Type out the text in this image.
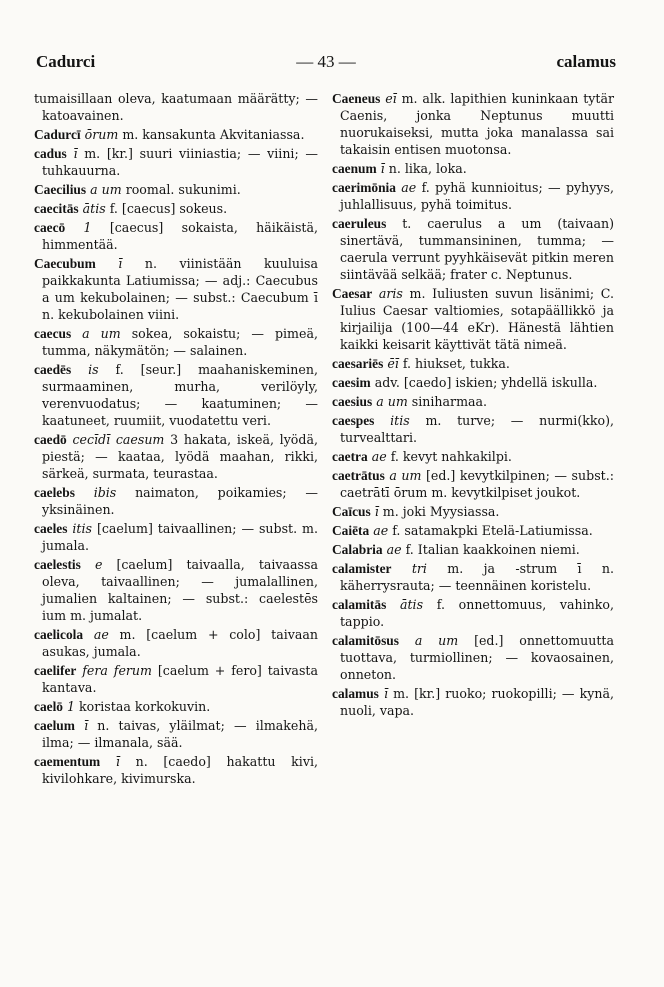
— 43 —
Cadurci	calamus
tumaisillaan oleva, kaatumaan määrätty; — katoavainen.
Cadurcī ōrum m. kansakunta Akvitaniassa.
cadus ī m. [kr.] suuri viiniastia; — viini; — tuhkauurna.
Caecilius a um roomal. sukunimi.
caecitās ātis f. [caecus] sokeus.
caecō 1 [caecus] sokaista, häikäistä, himmentää.
Caecubum ī n. viinistään kuuluisa paikkakunta Latiumissa; — adj.: Caecubus a um kekubolainen; — subst.: Caecubum ī n. kekubolainen viini.
caecus a um sokea, sokaistu; — pimeä, tumma, näkymätön; — salainen.
caedēs is f. [seur.] maahaniskeminen, surmaaminen, murha, verilöyly, verenvuodatus; — kaatuminen; — kaatuneet, ruumiit, vuodatettu veri.
caedō cecīdī caesum 3 hakata, iskeä, lyödä, piestä; — kaataa, lyödä maahan, rikki, särkeä, surmata, teurastaa.
caelebs ibis naimaton, poikamies; — yksinäinen.
caeles itis [caelum] taivaallinen; — subst. m. jumala.
caelestis e [caelum] taivaalla, taivaassa oleva, taivaallinen; — jumalallinen, jumalien kaltainen; — subst.: caelestēs ium m. jumalat.
caelicola ae m. [caelum + colo] taivaan asukas, jumala.
caelifer fera ferum [caelum + fero] taivasta kantava.
caelō 1 koristaa korkokuvin.
caelum ī n. taivas, yläilmat; — ilmakehä, ilma; — ilmanala, sää.
caementum ī n. [caedo] hakattu kivi, kivilohkare, kivimurska.
Caeneus eī m. alk. lapithien kuninkaan tytär Caenis, jonka Neptunus muutti nuorukaiseksi, mutta joka manalassa sai takaisin entisen muotonsa.
caenum ī n. lika, loka.
caerimōnia ae f. pyhä kunnioitus; — pyhyys, juhlallisuus, pyhä toimitus.
caeruleus t. caerulus a um (taivaan) sinertävä, tummansininen, tumma; — caerula verrunt pyyhkäisevät pitkin meren siintävää selkää; frater c. Neptunus.
Caesar aris m. Iuliusten suvun lisänimi; C. Iulius Caesar valtiomies, sotapäällikkö ja kirjailija (100—44 eKr). Hänestä lähtien kaikki keisarit käyttivät tätä nimeä.
caesariēs ēī f. hiukset, tukka.
caesim adv. [caedo] iskien; yhdellä iskulla.
caesius a um siniharmaa.
caespes itis m. turve; — nurmi(kko), turvealttari.
caetra ae f. kevyt nahkakilpi.
caetrātus a um [ed.] kevytkilpinen; — subst.: caetrātī ōrum m. kevytkilpiset joukot.
Caīcus ī m. joki Myysiassa.
Caiēta ae f. satamakpki Etelä-Latiumissa.
Calabria ae f. Italian kaakkoinen niemi.
calamister tri m. ja -strum ī n. käherrysrauta; — teennäinen koristelu.
calamitās ātis f. onnettomuus, vahinko, tappio.
calamitōsus a um [ed.] onnettomuutta tuottava, turmiollinen; — kovaosainen, onneton.
calamus ī m. [kr.] ruoko; ruokopilli; — kynä, nuoli, vapa.
